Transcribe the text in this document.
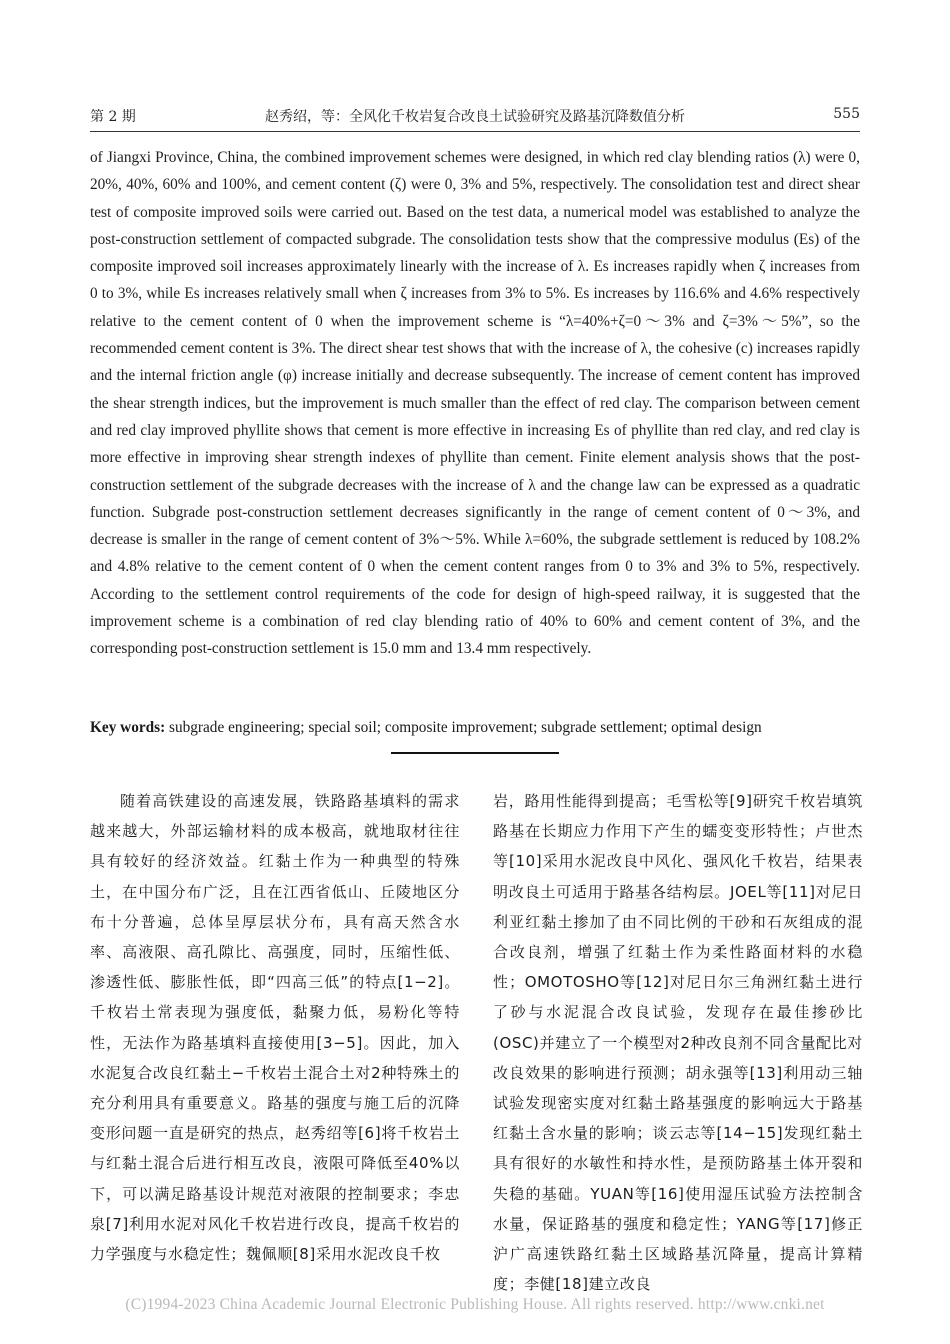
第 2 期	赵秀绍，等：全风化千枚岩复合改良土试验研究及路基沉降数值分析	555
of Jiangxi Province, China, the combined improvement schemes were designed, in which red clay blending ratios (λ) were 0, 20%, 40%, 60% and 100%, and cement content (ζ) were 0, 3% and 5%, respectively. The consolidation test and direct shear test of composite improved soils were carried out. Based on the test data, a numerical model was established to analyze the post-construction settlement of compacted subgrade. The consolidation tests show that the compressive modulus (Es) of the composite improved soil increases approximately linearly with the increase of λ. Es increases rapidly when ζ increases from 0 to 3%, while Es increases relatively small when ζ increases from 3% to 5%. Es increases by 116.6% and 4.6% respectively relative to the cement content of 0 when the improvement scheme is “λ=40%+ζ=0～3% and ζ=3%～5%”, so the recommended cement content is 3%. The direct shear test shows that with the increase of λ, the cohesive (c) increases rapidly and the internal friction angle (φ) increase initially and decrease subsequently. The increase of cement content has improved the shear strength indices, but the improvement is much smaller than the effect of red clay. The comparison between cement and red clay improved phyllite shows that cement is more effective in increasing Es of phyllite than red clay, and red clay is more effective in improving shear strength indexes of phyllite than cement. Finite element analysis shows that the post-construction settlement of the subgrade decreases with the increase of λ and the change law can be expressed as a quadratic function. Subgrade post-construction settlement decreases significantly in the range of cement content of 0～3%, and decrease is smaller in the range of cement content of 3%～5%. While λ=60%, the subgrade settlement is reduced by 108.2% and 4.8% relative to the cement content of 0 when the cement content ranges from 0 to 3% and 3% to 5%, respectively. According to the settlement control requirements of the code for design of high-speed railway, it is suggested that the improvement scheme is a combination of red clay blending ratio of 40% to 60% and cement content of 3%, and the corresponding post-construction settlement is 15.0 mm and 13.4 mm respectively.
Key words: subgrade engineering; special soil; composite improvement; subgrade settlement; optimal design

随着高铁建设的高速发展，铁路路基填料的需求越来越大，外部运输材料的成本极高，就地取材往往具有较好的经济效益。红黏土作为一种典型的特殊土，在中国分布广泛，且在江西省低山、丘陵地区分布十分普遍，总体呈厚层状分布，具有高天然含水率、高液限、高孔隙比、高强度，同时，压缩性低、渗透性低、膨胀性低，即“四高三低”的特点[1−2]。千枚岩土常表现为强度低，黏聚力低，易粉化等特性，无法作为路基填料直接使用[3−5]。因此，加入水泥复合改良红黏土−千枚岩土混合土对2种特殊土的充分利用具有重要意义。路基的强度与施工后的沉降变形问题一直是研究的热点，赵秀绍等[6]将千枚岩土与红黏土混合后进行相互改良，液限可降低至40%以下，可以满足路基设计规范对液限的控制要求；李忠泉[7]利用水泥对风化千枚岩进行改良，提高千枚岩的力学强度与水稳定性；魏佩顺[8]采用水泥改良千枚

岩，路用性能得到提高；毛雪松等[9]研究千枚岩填筑路基在长期应力作用下产生的蠕变变形特性；卢世杰等[10]采用水泥改良中风化、强风化千枚岩，结果表明改良土可适用于路基各结构层。JOEL等[11]对尼日利亚红黏土掺加了由不同比例的干砂和石灰组成的混合改良剂，增强了红黏土作为柔性路面材料的水稳性；OMOTOSHO等[12]对尼日尔三角洲红黏土进行了砂与水泥混合改良试验，发现存在最佳掺砂比(OSC)并建立了一个模型对2种改良剂不同含量配比对改良效果的影响进行预测；胡永强等[13]利用动三轴试验发现密实度对红黏土路基强度的影响远大于路基红黏土含水量的影响；谈云志等[14−15]发现红黏土具有很好的水敏性和持水性，是预防路基土体开裂和失稳的基础。YUAN等[16]使用湿压试验方法控制含水量，保证路基的强度和稳定性；YANG等[17]修正沪广高速铁路红黏土区域路基沉降量，提高计算精度；李健[18]建立改良

(C)1994-2023 China Academic Journal Electronic Publishing House. All rights reserved. http://www.cnki.net
